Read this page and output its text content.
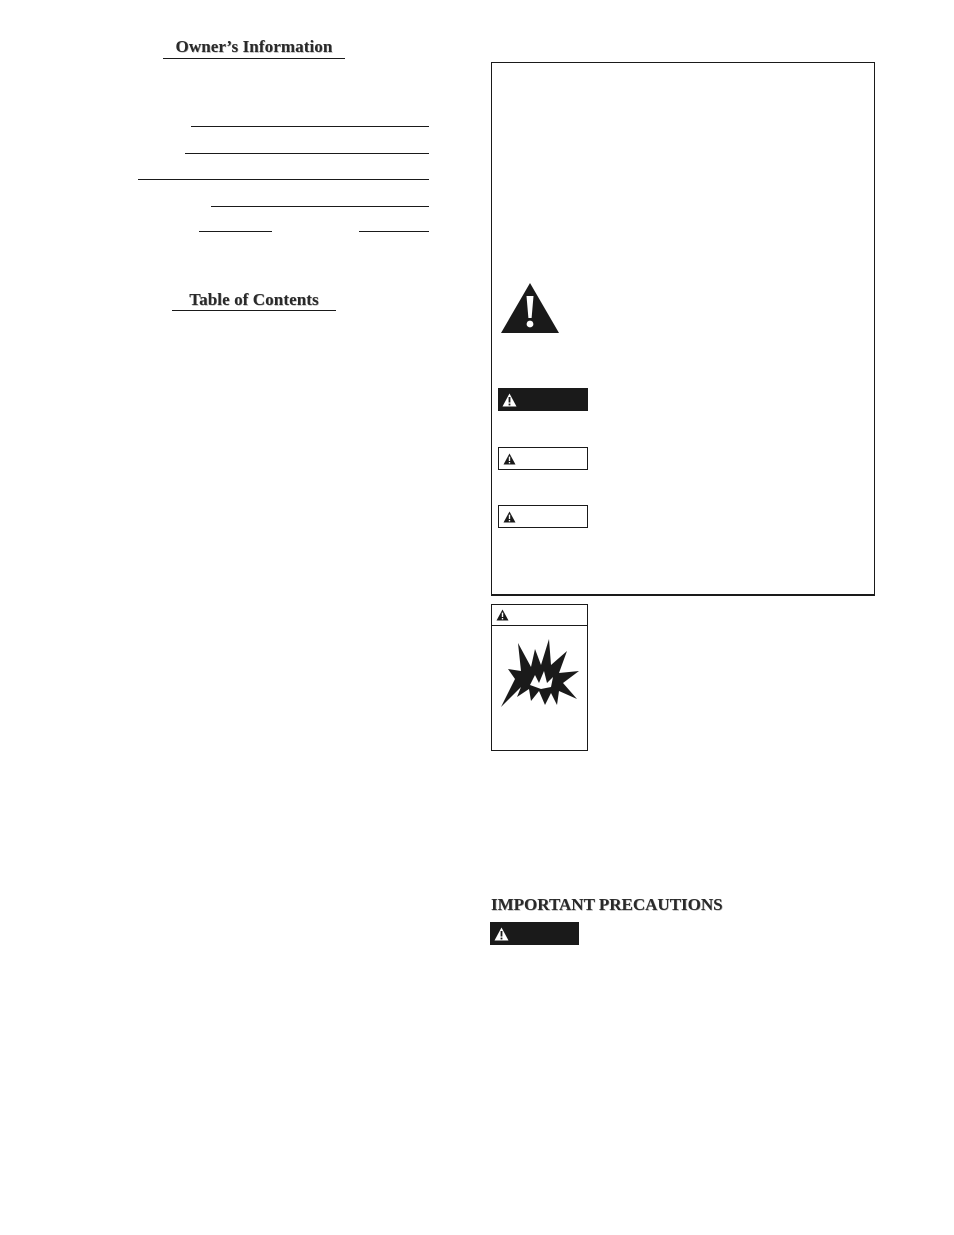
Owner’s Information
Table of Contents
IMPORTANT PRECAUTIONS
